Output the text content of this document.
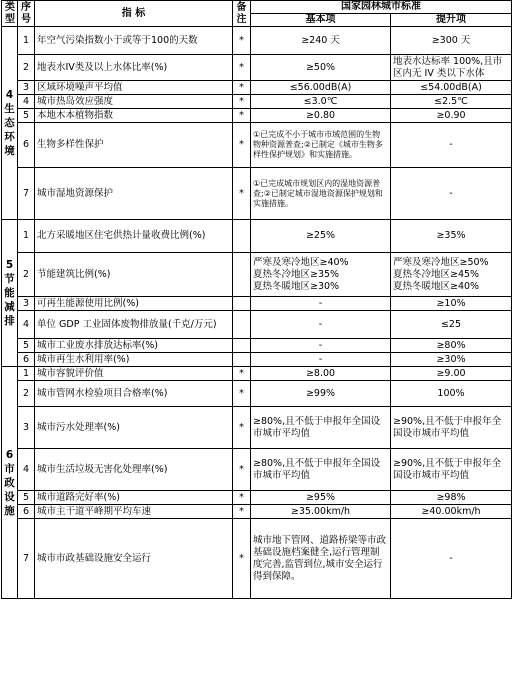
类型	序号	指 标	备注	国家园林城市标准	
				基本项	提升项

4生态环境	1	年空气污染指数小于或等于100的天数	*	≥240 天	≥300 天
	2	地表水IV类及以上水体比率(%)	*	≥50%	地表水达标率 100%,且市区内无 IV 类以下水体
	3	区域环境噪声平均值	*	≤56.00dB(A)	≤54.00dB(A)
	4	城市热岛效应强度	*	≤3.0℃	≤2.5℃
	5	本地木本植物指数	*	≥0.80	≥0.90
	6	生物多样性保护	*	①已完成不小于城市市域范围的生物物种资源普查;②已制定《城市生物多样性保护规划》和实施措施。	-
	7	城市湿地资源保护	*	①已完成城市规划区内的湿地资源普查;②已制定城市湿地资源保护规划和实施措施。	-

5节能减排	1	北方采暖地区住宅供热计量收费比例(%)		≥25%	≥35%
	2	节能建筑比例(%)		严寒及寒冷地区≥40%
夏热冬冷地区≥35%
夏热冬暖地区≥30%	严寒及寒冷地区≥50%
夏热冬冷地区≥45%
夏热冬暖地区≥40%
	3	可再生能源使用比例(%)		-	≥10%
	4	单位 GDP 工业固体废物排放量(千克/万元)		-	≤25
	5	城市工业废水排放达标率(%)		-	≥80%
	6	城市再生水利用率(%)		-	≥30%

6市政设施	1	城市容貌评价值	*	≥8.00	≥9.00
	2	城市管网水检验项目合格率(%)	*	≥99%	100%
	3	城市污水处理率(%)	*	≥80%,且不低于申报年全国设市城市平均值	≥90%,且不低于申报年全国设市城市平均值
	4	城市生活垃圾无害化处理率(%)	*	≥80%,且不低于申报年全国设市城市平均值	≥90%,且不低于申报年全国设市城市平均值
	5	城市道路完好率(%)	*	≥95%	≥98%
	6	城市主干道平峰期平均车速	*	≥35.00km/h	≥40.00km/h
	7	城市市政基础设施安全运行	*	城市地下管网、道路桥梁等市政基础设施档案健全,运行管理制度完善,监管到位,城市安全运行得到保障。	-
